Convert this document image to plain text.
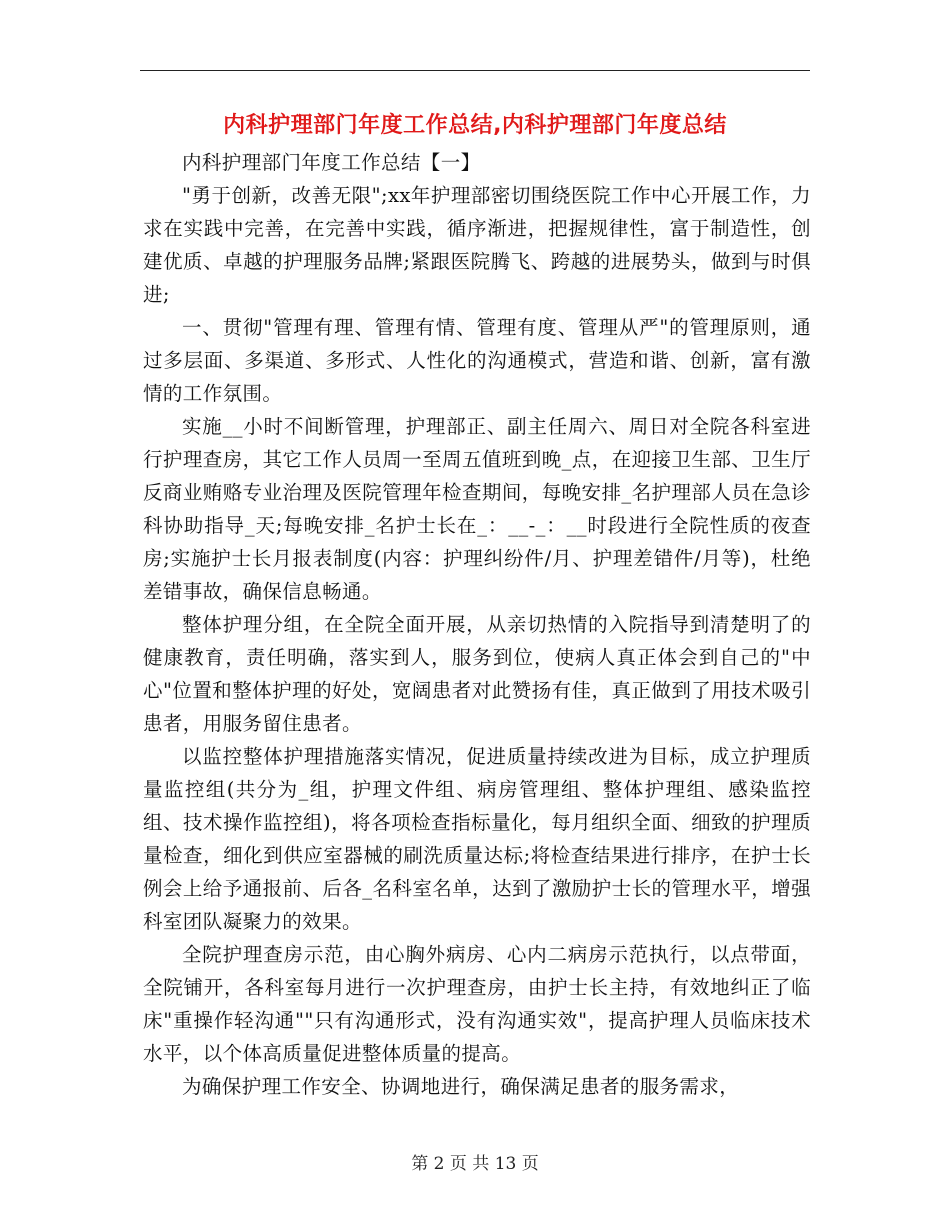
内科护理部门年度工作总结,内科护理部门年度总结

内科护理部门年度工作总结【一】

"勇于创新，改善无限";xx年护理部密切围绕医院工作中心开展工作，力求在实践中完善，在完善中实践，循序渐进，把握规律性，富于制造性，创建优质、卓越的护理服务品牌;紧跟医院腾飞、跨越的进展势头，做到与时俱进;

一、贯彻"管理有理、管理有情、管理有度、管理从严"的管理原则，通过多层面、多渠道、多形式、人性化的沟通模式，营造和谐、创新，富有激情的工作氛围。

实施__小时不间断管理，护理部正、副主任周六、周日对全院各科室进行护理查房，其它工作人员周一至周五值班到晚_点，在迎接卫生部、卫生厅反商业贿赂专业治理及医院管理年检查期间，每晚安排_名护理部人员在急诊科协助指导_天;每晚安排_名护士长在_：__-_：__时段进行全院性质的夜查房;实施护士长月报表制度(内容：护理纠纷件/月、护理差错件/月等)，杜绝差错事故，确保信息畅通。

整体护理分组，在全院全面开展，从亲切热情的入院指导到清楚明了的健康教育，责任明确，落实到人，服务到位，使病人真正体会到自己的"中心"位置和整体护理的好处，宽阔患者对此赞扬有佳，真正做到了用技术吸引患者，用服务留住患者。

以监控整体护理措施落实情况，促进质量持续改进为目标，成立护理质量监控组(共分为_组，护理文件组、病房管理组、整体护理组、感染监控组、技术操作监控组)，将各项检查指标量化，每月组织全面、细致的护理质量检查，细化到供应室器械的刷洗质量达标;将检查结果进行排序，在护士长例会上给予通报前、后各_名科室名单，达到了激励护士长的管理水平，增强科室团队凝聚力的效果。

全院护理查房示范，由心胸外病房、心内二病房示范执行，以点带面，全院铺开，各科室每月进行一次护理查房，由护士长主持，有效地纠正了临床"重操作轻沟通""只有沟通形式，没有沟通实效"，提高护理人员临床技术水平，以个体高质量促进整体质量的提高。

为确保护理工作安全、协调地进行，确保满足患者的服务需求，

第 2 页 共 13 页
